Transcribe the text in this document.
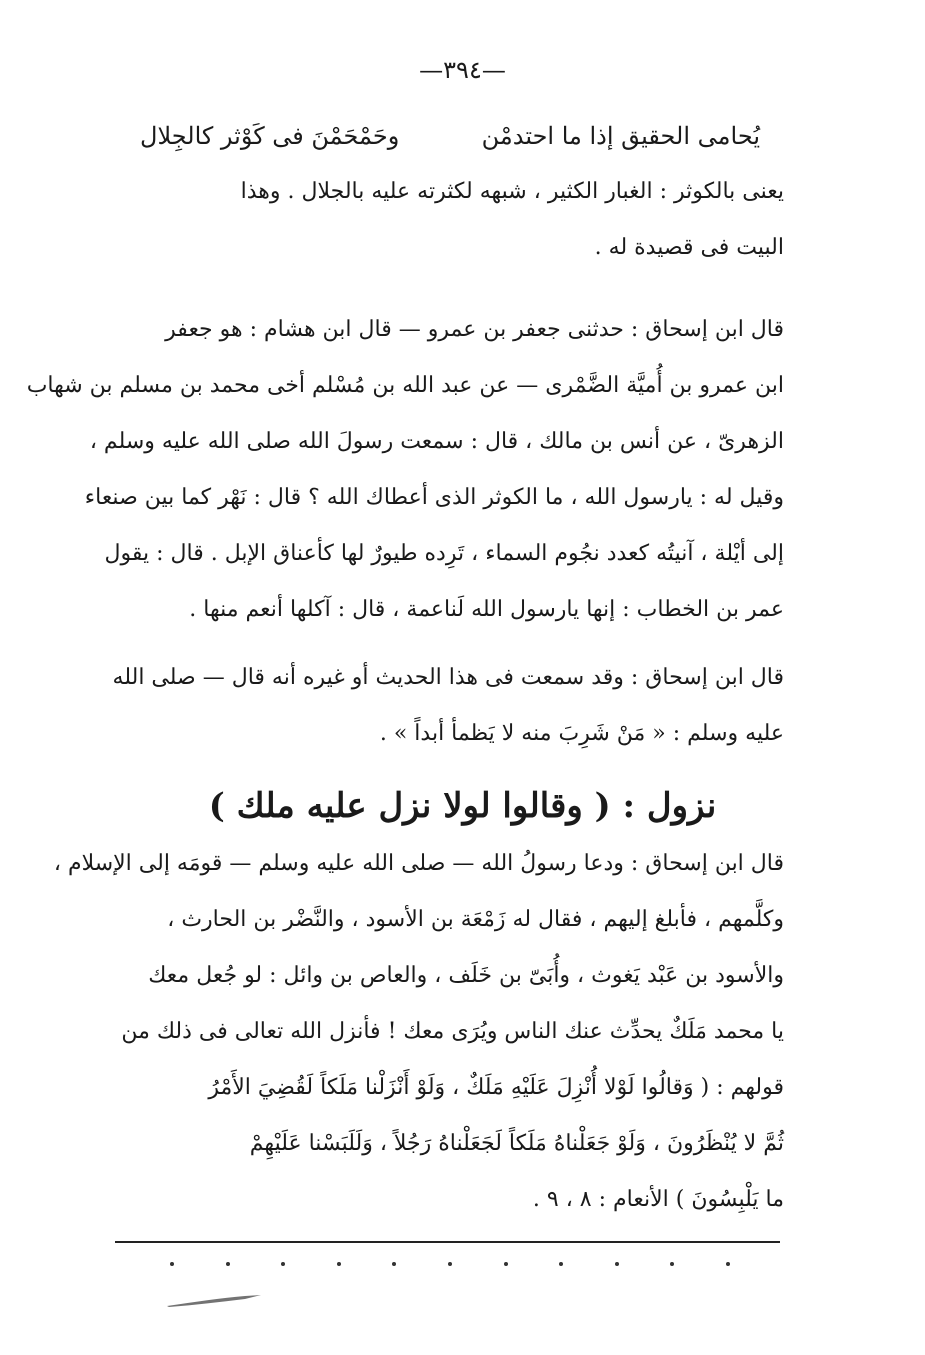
—٣٩٤—
يُحامى الحقيق إذا ما احتدمْن
وحَمْحَمْنَ فى كَوْثر كالجِلال
يعنى بالكوثر : الغبار الكثير ، شبهه لكثرته عليه بالجلال . وهذا
البيت فى قصيدة له .
قال ابن إسحاق : حدثنى جعفر بن عمرو — قال ابن هشام : هو جعفر
ابن عمرو بن أُميَّة الضَّمْرى — عن عبد الله بن مُسْلم أخى محمد بن مسلم بن شهاب
الزهرىّ ، عن أنس بن مالك ، قال : سمعت رسولَ الله صلى الله عليه وسلم ،
وقيل له : يارسول الله ، ما الكوثر الذى أعطاك الله ؟ قال : نَهْر كما بين صنعاء
إلى أيْلة ، آنيتُه كعدد نجُوم السماء ، تَرِده طيورٌ لها كأعناق الإبل . قال : يقول
عمر بن الخطاب : إنها يارسول الله لَناعمة ، قال : آكلها أنعم منها .
قال ابن إسحاق : وقد سمعت فى هذا الحديث أو غيره أنه قال — صلى الله
عليه وسلم : « مَنْ شَرِبَ منه لا يَظمأ أبداً » .
نزول : ( وقالوا لولا نزل عليه ملك )
قال ابن إسحاق : ودعا رسولُ الله — صلى الله عليه وسلم — قومَه إلى الإسلام ،
وكلَّمهم ، فأبلغ إليهم ، فقال له زَمْعَة بن الأسود ، والنَّضْر بن الحارث ،
والأسود بن عَبْد يَغوث ، وأُبَىّ بن خَلَف ، والعاص بن وائل : لو جُعل معك
يا محمد مَلَكٌ يحدِّث عنك الناس ويُرَى معك ! فأنزل الله تعالى فى ذلك من
قولهم : ( وَقالُوا لَوْلا أُنْزِلَ عَلَيْهِ مَلَكٌ ، وَلَوْ أَنْزَلْنا مَلَكاً لَقُضِيَ الأَمْرُ
ثُمَّ لا يُنْظَرُونَ ، وَلَوْ جَعَلْناهُ مَلَكاً لَجَعَلْناهُ رَجُلاً ، وَلَلَبَسْنا عَلَيْهِمْ
ما يَلْبِسُونَ ) الأنعام : ٨ ، ٩ .
